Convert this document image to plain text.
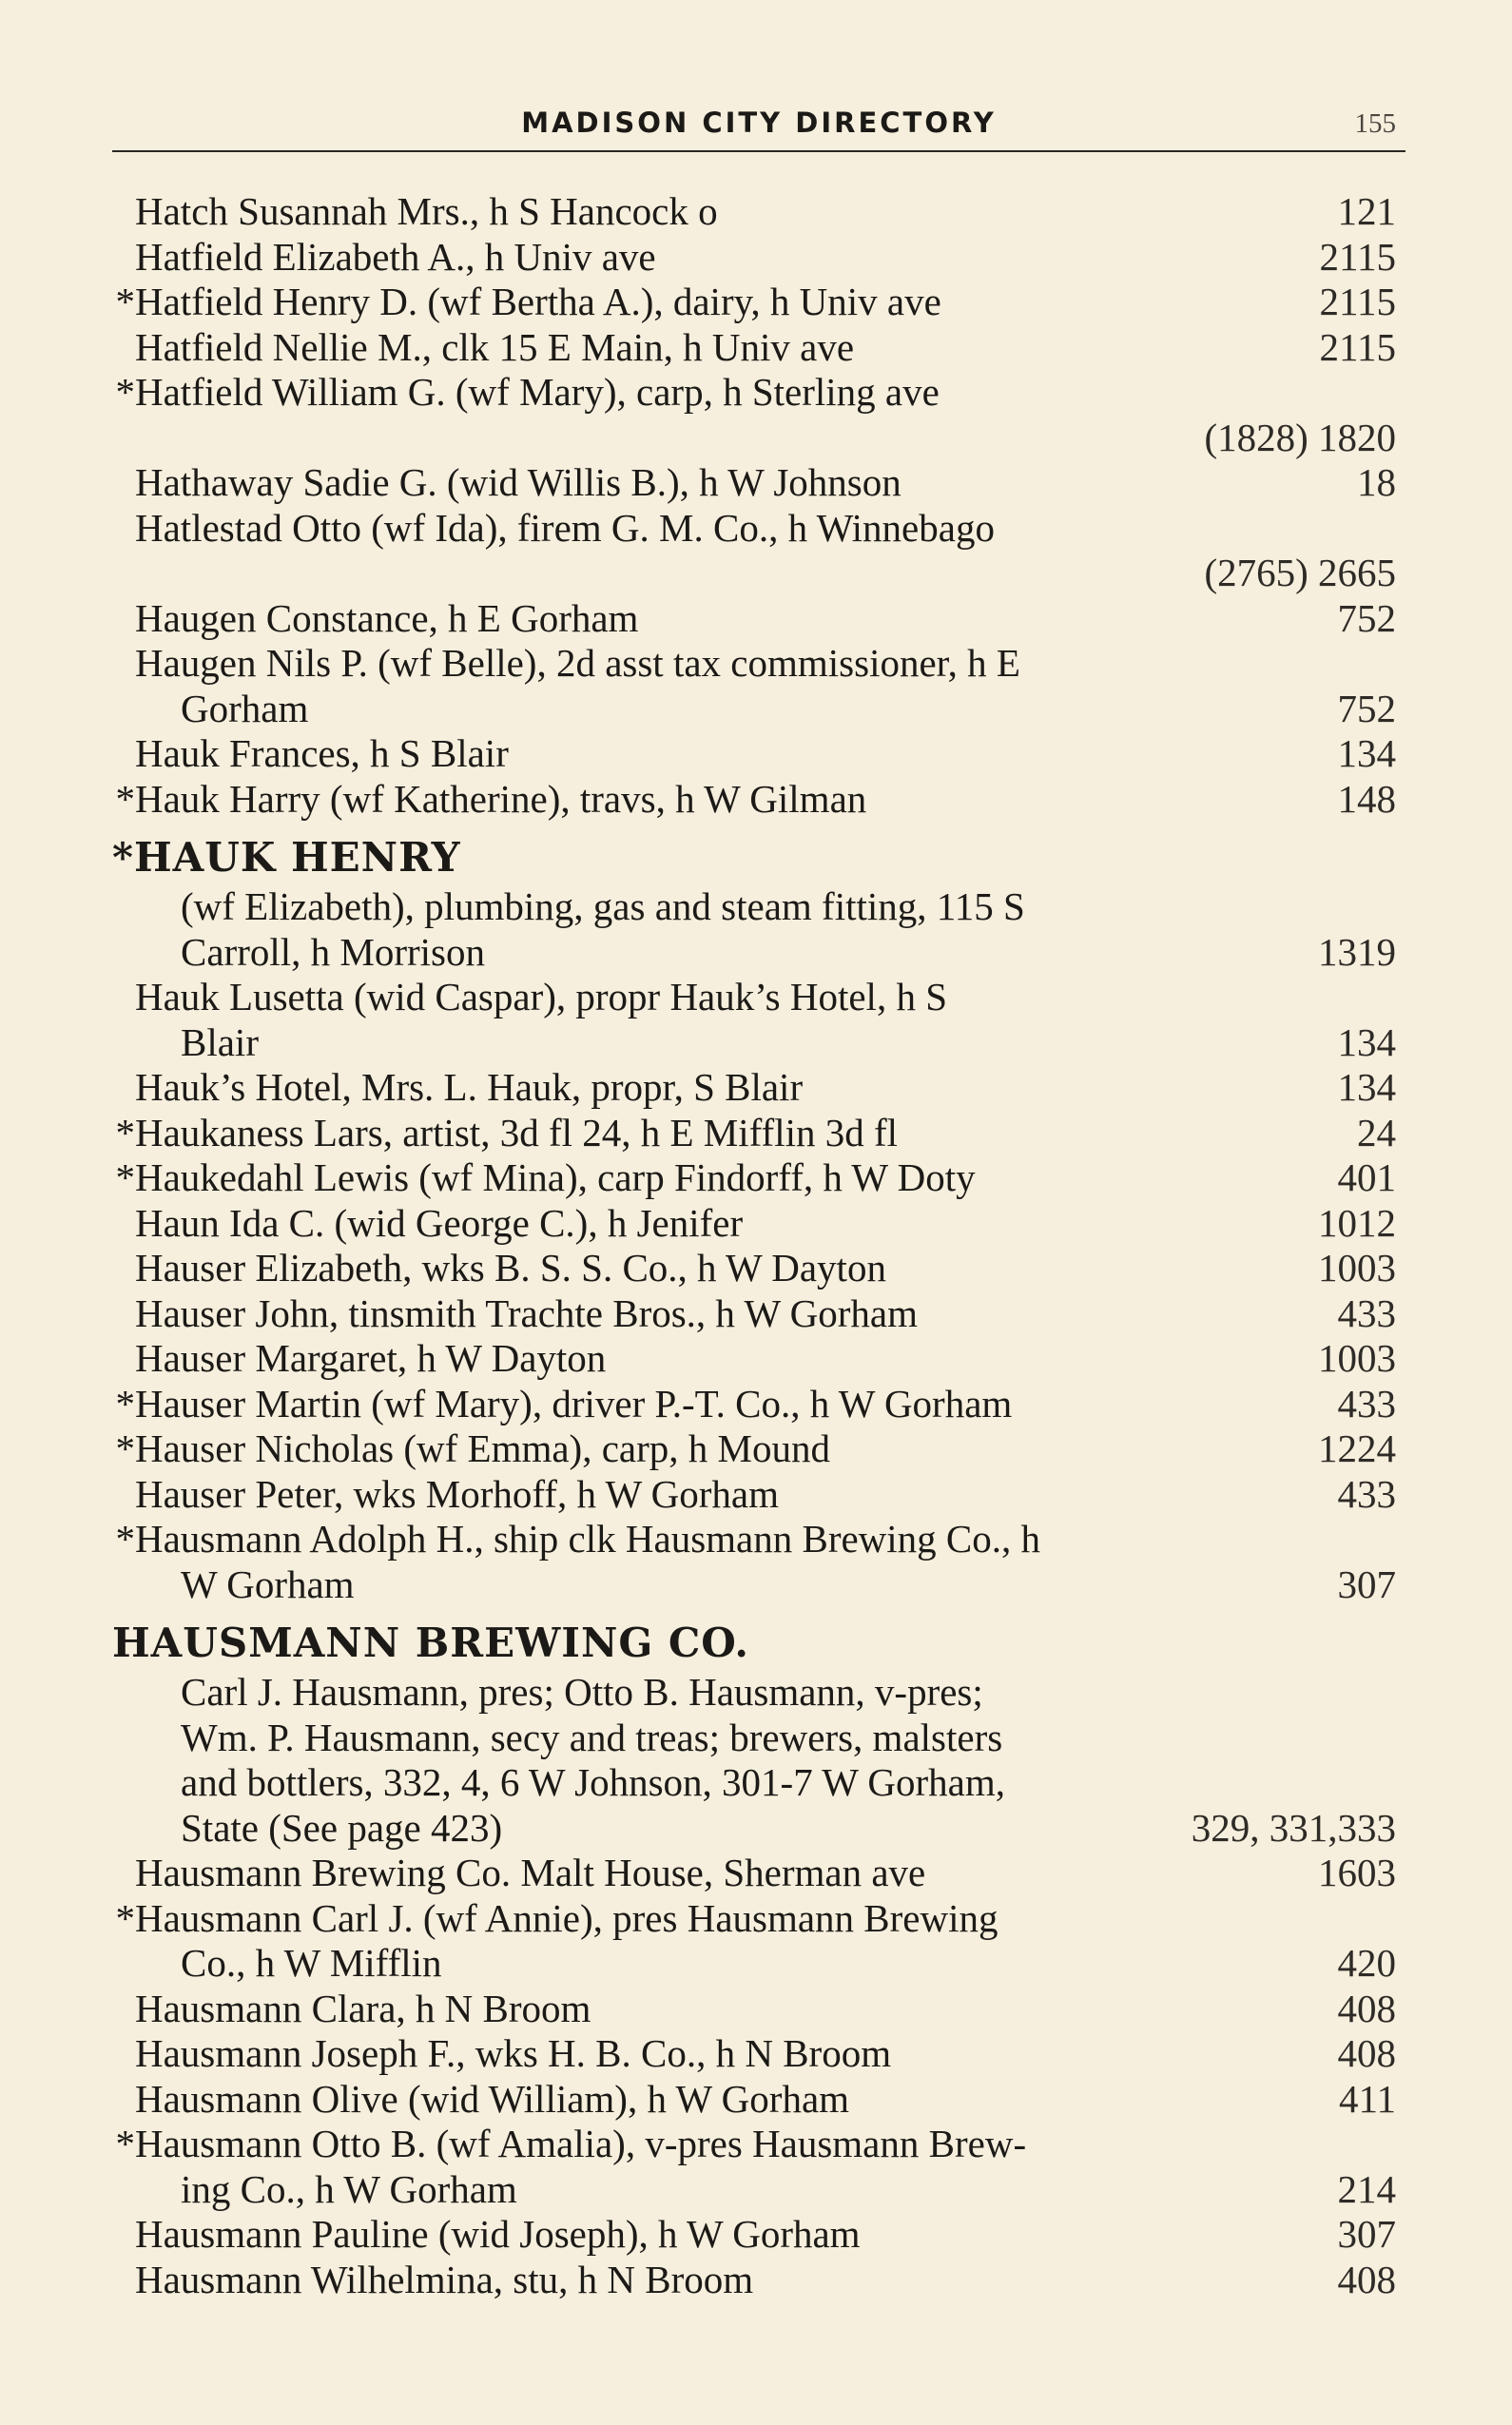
MADISON CITY DIRECTORY	155
Hatch Susannah Mrs., h S Hancock o	121
Hatfield Elizabeth A., h Univ ave	2115
* Hatfield Henry D. (wf Bertha A.), dairy, h Univ ave	2115
Hatfield Nellie M., clk 15 E Main, h Univ ave	2115
* Hatfield William G. (wf Mary), carp, h Sterling ave
(1828) 1820
Hathaway Sadie G. (wid Willis B.), h W Johnson	18
Hatlestad Otto (wf Ida), firem G. M. Co., h Winnebago
(2765) 2665
Haugen Constance, h E Gorham	752
Haugen Nils P. (wf Belle), 2d asst tax commissioner, h E
Gorham	752
Hauk Frances, h S Blair	134
* Hauk Harry (wf Katherine), travs, h W Gilman	148
*HAUK HENRY
(wf Elizabeth), plumbing, gas and steam fitting, 115 S
Carroll, h Morrison	1319
Hauk Lusetta (wid Caspar), propr Hauk’s Hotel, h S
Blair	134
Hauk’s Hotel, Mrs. L. Hauk, propr, S Blair	134
* Haukaness Lars, artist, 3d fl 24, h E Mifflin 3d fl	24
* Haukedahl Lewis (wf Mina), carp Findorff, h W Doty	401
Haun Ida C. (wid George C.), h Jenifer	1012
Hauser Elizabeth, wks B. S. S. Co., h W Dayton	1003
Hauser John, tinsmith Trachte Bros., h W Gorham	433
Hauser Margaret, h W Dayton	1003
* Hauser Martin (wf Mary), driver P.-T. Co., h W Gorham	433
* Hauser Nicholas (wf Emma), carp, h Mound	1224
Hauser Peter, wks Morhoff, h W Gorham	433
* Hausmann Adolph H., ship clk Hausmann Brewing Co., h
W Gorham	307
HAUSMANN BREWING CO.
Carl J. Hausmann, pres; Otto B. Hausmann, v-pres;
Wm. P. Hausmann, secy and treas; brewers, malsters
and bottlers, 332, 4, 6 W Johnson, 301-7 W Gorham,
State (See page 423)	329, 331,333
Hausmann Brewing Co. Malt House, Sherman ave	1603
* Hausmann Carl J. (wf Annie), pres Hausmann Brewing
Co., h W Mifflin	420
Hausmann Clara, h N Broom	408
Hausmann Joseph F., wks H. B. Co., h N Broom	408
Hausmann Olive (wid William), h W Gorham	411
* Hausmann Otto B. (wf Amalia), v-pres Hausmann Brew-
ing Co., h W Gorham	214
Hausmann Pauline (wid Joseph), h W Gorham	307
Hausmann Wilhelmina, stu, h N Broom	408
